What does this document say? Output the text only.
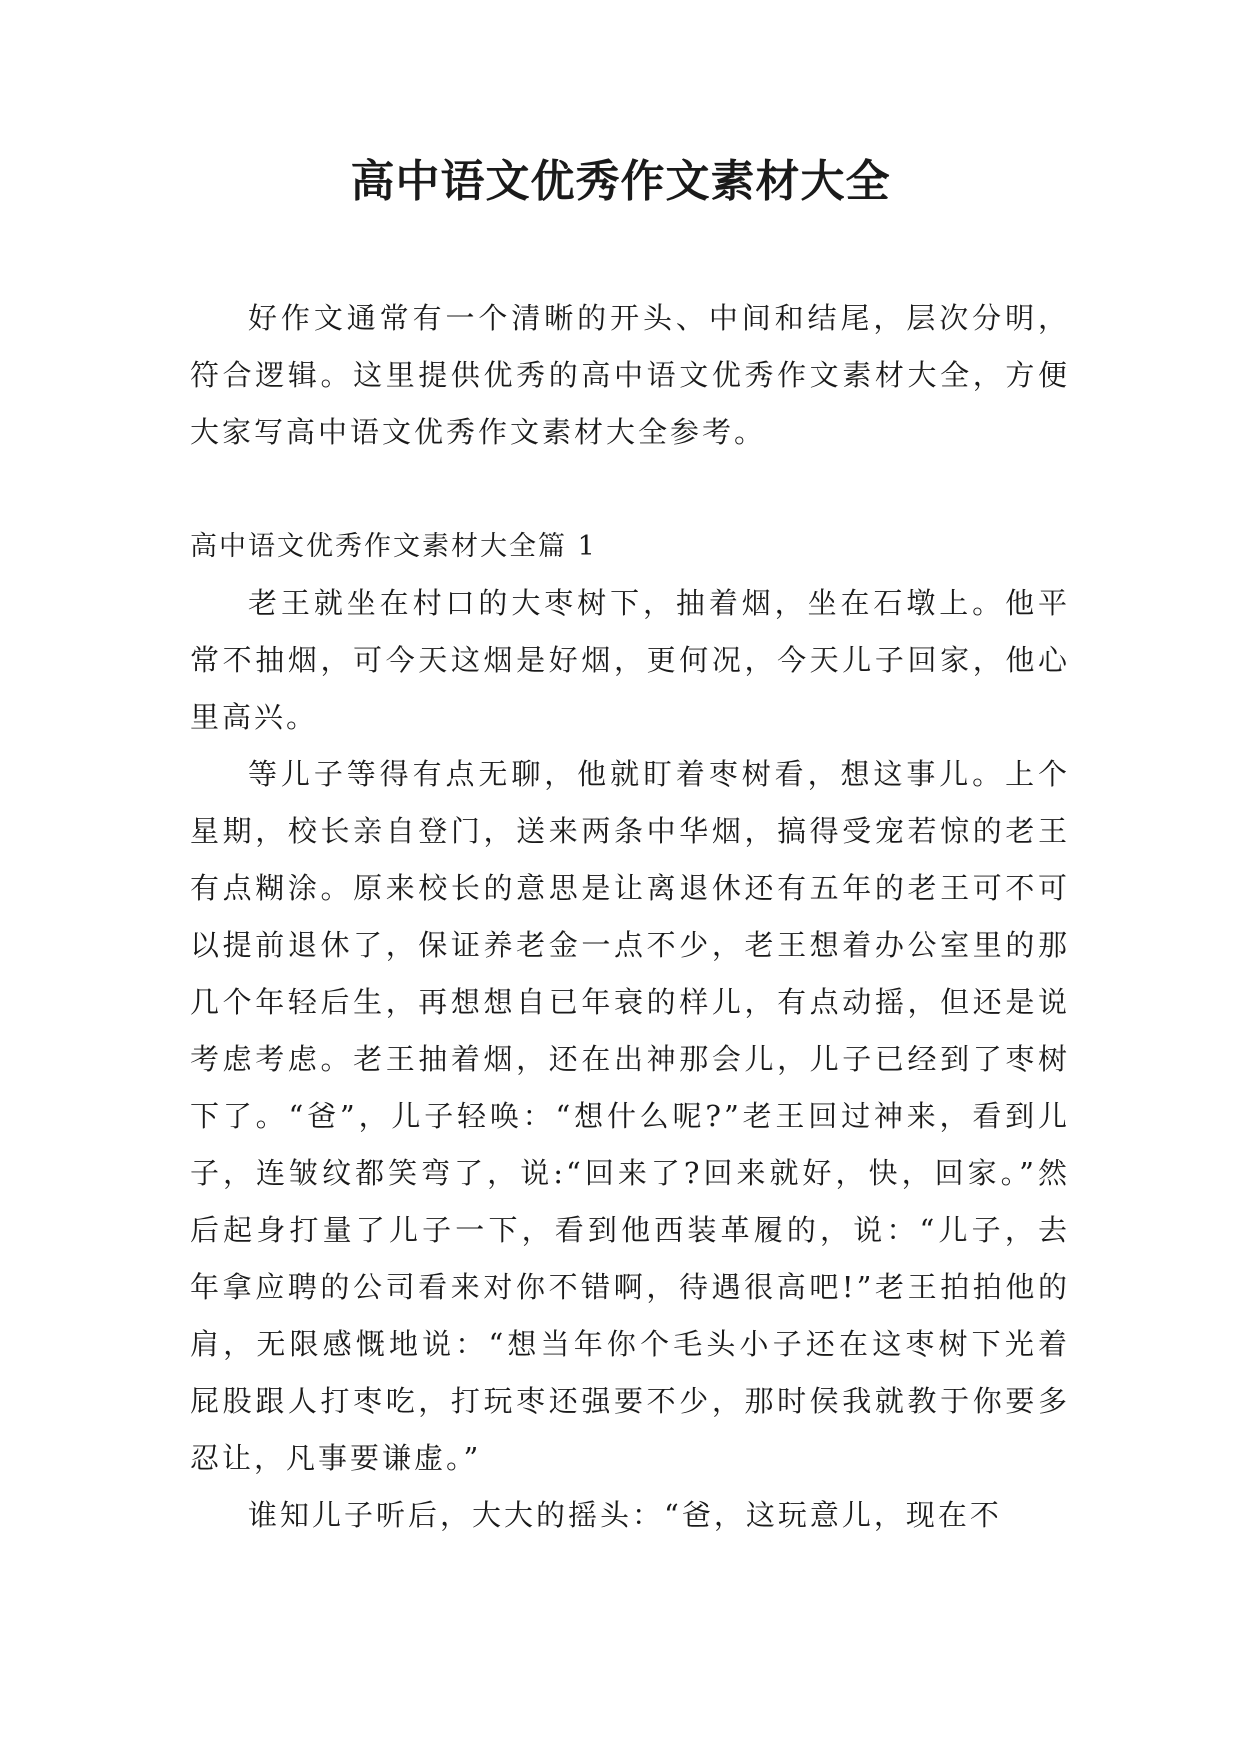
高中语文优秀作文素材大全

好作文通常有一个清晰的开头、中间和结尾，层次分明，符合逻辑。这里提供优秀的高中语文优秀作文素材大全，方便大家写高中语文优秀作文素材大全参考。

高中语文优秀作文素材大全篇 1

老王就坐在村口的大枣树下，抽着烟，坐在石墩上。他平常不抽烟，可今天这烟是好烟，更何况，今天儿子回家，他心里高兴。

等儿子等得有点无聊，他就盯着枣树看，想这事儿。上个星期，校长亲自登门，送来两条中华烟，搞得受宠若惊的老王有点糊涂。原来校长的意思是让离退休还有五年的老王可不可以提前退休了，保证养老金一点不少，老王想着办公室里的那几个年轻后生，再想想自已年衰的样儿，有点动摇，但还是说考虑考虑。老王抽着烟，还在出神那会儿，儿子已经到了枣树下了。“爸”，儿子轻唤：“想什么呢?”老王回过神来，看到儿子，连皱纹都笑弯了，说:“回来了?回来就好，快，回家。”然后起身打量了儿子一下，看到他西装革履的，说：“儿子，去年拿应聘的公司看来对你不错啊，待遇很高吧!”老王拍拍他的肩，无限感慨地说：“想当年你个毛头小子还在这枣树下光着屁股跟人打枣吃，打玩枣还强要不少，那时侯我就教于你要多忍让，凡事要谦虚。”

谁知儿子听后，大大的摇头：“爸，这玩意儿，现在不
